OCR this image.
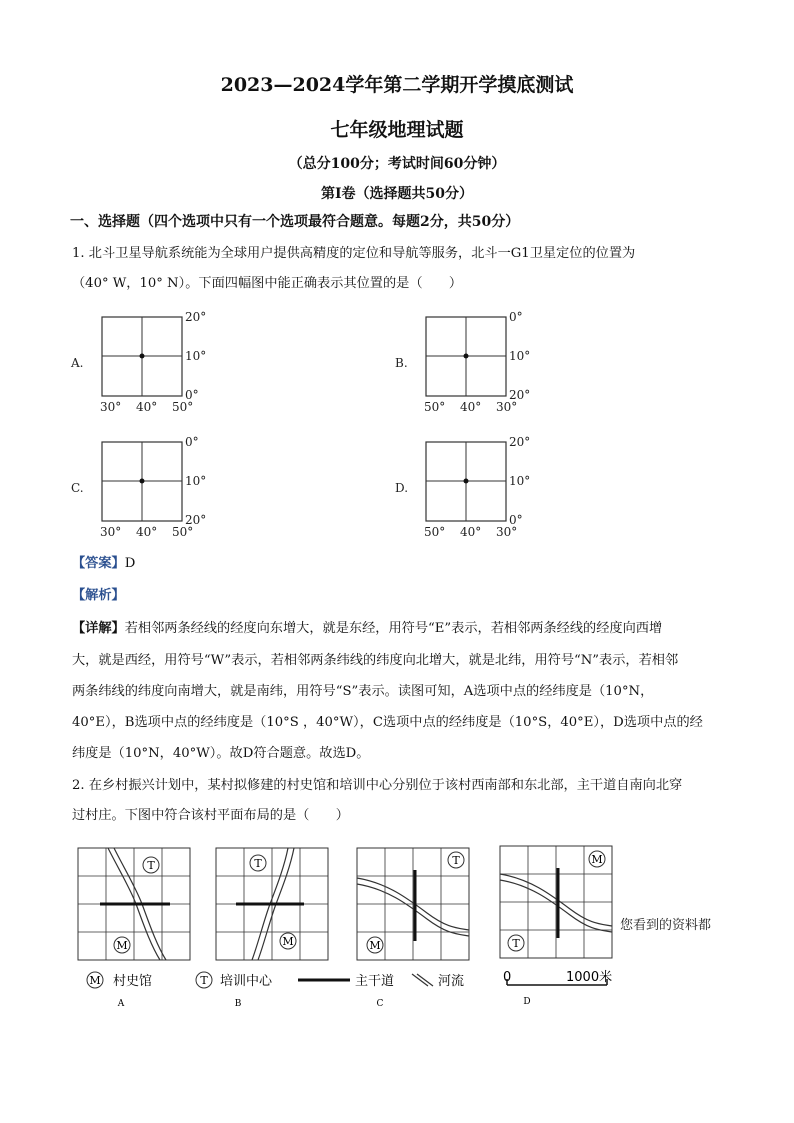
2023—2024学年第二学期开学摸底测试
七年级地理试题
（总分100分；考试时间60分钟）
第Ⅰ卷（选择题共50分）
一、选择题（四个选项中只有一个选项最符合题意。每题2分，共50分）
1. 北斗卫星导航系统能为全球用户提供高精度的定位和导航等服务，北斗一G1卫星定位的位置为
（40° W，10° N）。下面四幅图中能正确表示其位置的是（　　）
A.
20°
10°
0°
30° 40° 50°
B.
0°
10°
20°
50° 40° 30°
C.
0°
10°
20°
30° 40° 50°
D.
20°
10°
0°
50° 40° 30°
【答案】D
【解析】
【详解】若相邻两条经线的经度向东增大，就是东经，用符号“E”表示，若相邻两条经线的经度向西增
大，就是西经，用符号“W”表示，若相邻两条纬线的纬度向北增大，就是北纬，用符号“N”表示，若相邻
两条纬线的纬度向南增大，就是南纬，用符号“S”表示。读图可知，A选项中点的经纬度是（10°N，
40°E），B选项中点的经纬度是（10°S ，40°W），C选项中点的经纬度是（10°S，40°E），D选项中点的经
纬度是（10°N，40°W）。故D符合题意。故选D。
2. 在乡村振兴计划中，某村拟修建的村史馆和培训中心分别位于该村西南部和东北部，主干道自南向北穿
过村庄。下图中符合该村平面布局的是（　　）
T
M
T
M
T
M
M
T
您看到的资料都
M 村史馆	T 培训中心	主干道	河流	0	1000米
A	B	C	D
